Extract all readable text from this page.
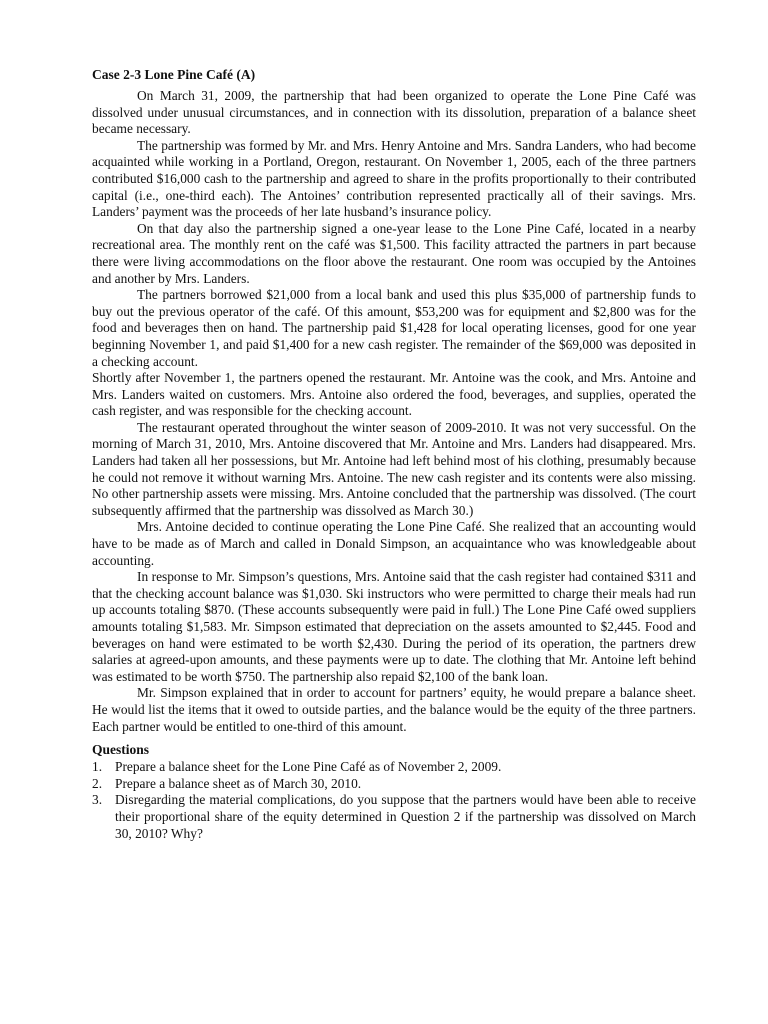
Case 2-3 Lone Pine Café (A)

On March 31, 2009, the partnership that had been organized to operate the Lone Pine Café was dissolved under unusual circumstances, and in connection with its dissolution, preparation of a balance sheet became necessary.

The partnership was formed by Mr. and Mrs. Henry Antoine and Mrs. Sandra Landers, who had become acquainted while working in a Portland, Oregon, restaurant. On November 1, 2005, each of the three partners contributed $16,000 cash to the partnership and agreed to share in the profits proportionally to their contributed capital (i.e., one-third each). The Antoines’ contribution represented practically all of their savings. Mrs. Landers’ payment was the proceeds of her late husband’s insurance policy.

On that day also the partnership signed a one-year lease to the Lone Pine Café, located in a nearby recreational area. The monthly rent on the café was $1,500. This facility attracted the partners in part because there were living accommodations on the floor above the restaurant. One room was occupied by the Antoines and another by Mrs. Landers.

The partners borrowed $21,000 from a local bank and used this plus $35,000 of partnership funds to buy out the previous operator of the café. Of this amount, $53,200 was for equipment and $2,800 was for the food and beverages then on hand. The partnership paid $1,428 for local operating licenses, good for one year beginning November 1, and paid $1,400 for a new cash register. The remainder of the $69,000 was deposited in a checking account.

Shortly after November 1, the partners opened the restaurant. Mr. Antoine was the cook, and Mrs. Antoine and Mrs. Landers waited on customers. Mrs. Antoine also ordered the food, beverages, and supplies, operated the cash register, and was responsible for the checking account.

The restaurant operated throughout the winter season of 2009-2010. It was not very successful. On the morning of March 31, 2010, Mrs. Antoine discovered that Mr. Antoine and Mrs. Landers had disappeared. Mrs. Landers had taken all her possessions, but Mr. Antoine had left behind most of his clothing, presumably because he could not remove it without warning Mrs. Antoine. The new cash register and its contents were also missing. No other partnership assets were missing. Mrs. Antoine concluded that the partnership was dissolved. (The court subsequently affirmed that the partnership was dissolved as March 30.)

Mrs. Antoine decided to continue operating the Lone Pine Café. She realized that an accounting would have to be made as of March and called in Donald Simpson, an acquaintance who was knowledgeable about accounting.

In response to Mr. Simpson’s questions, Mrs. Antoine said that the cash register had contained $311 and that the checking account balance was $1,030. Ski instructors who were permitted to charge their meals had run up accounts totaling $870. (These accounts subsequently were paid in full.) The Lone Pine Café owed suppliers amounts totaling $1,583. Mr. Simpson estimated that depreciation on the assets amounted to $2,445. Food and beverages on hand were estimated to be worth $2,430. During the period of its operation, the partners drew salaries at agreed-upon amounts, and these payments were up to date. The clothing that Mr. Antoine left behind was estimated to be worth $750. The partnership also repaid $2,100 of the bank loan.

Mr. Simpson explained that in order to account for partners’ equity, he would prepare a balance sheet. He would list the items that it owed to outside parties, and the balance would be the equity of the three partners. Each partner would be entitled to one-third of this amount.

Questions
1. Prepare a balance sheet for the Lone Pine Café as of November 2, 2009.
2. Prepare a balance sheet as of March 30, 2010.
3. Disregarding the material complications, do you suppose that the partners would have been able to receive their proportional share of the equity determined in Question 2 if the partnership was dissolved on March 30, 2010? Why?
